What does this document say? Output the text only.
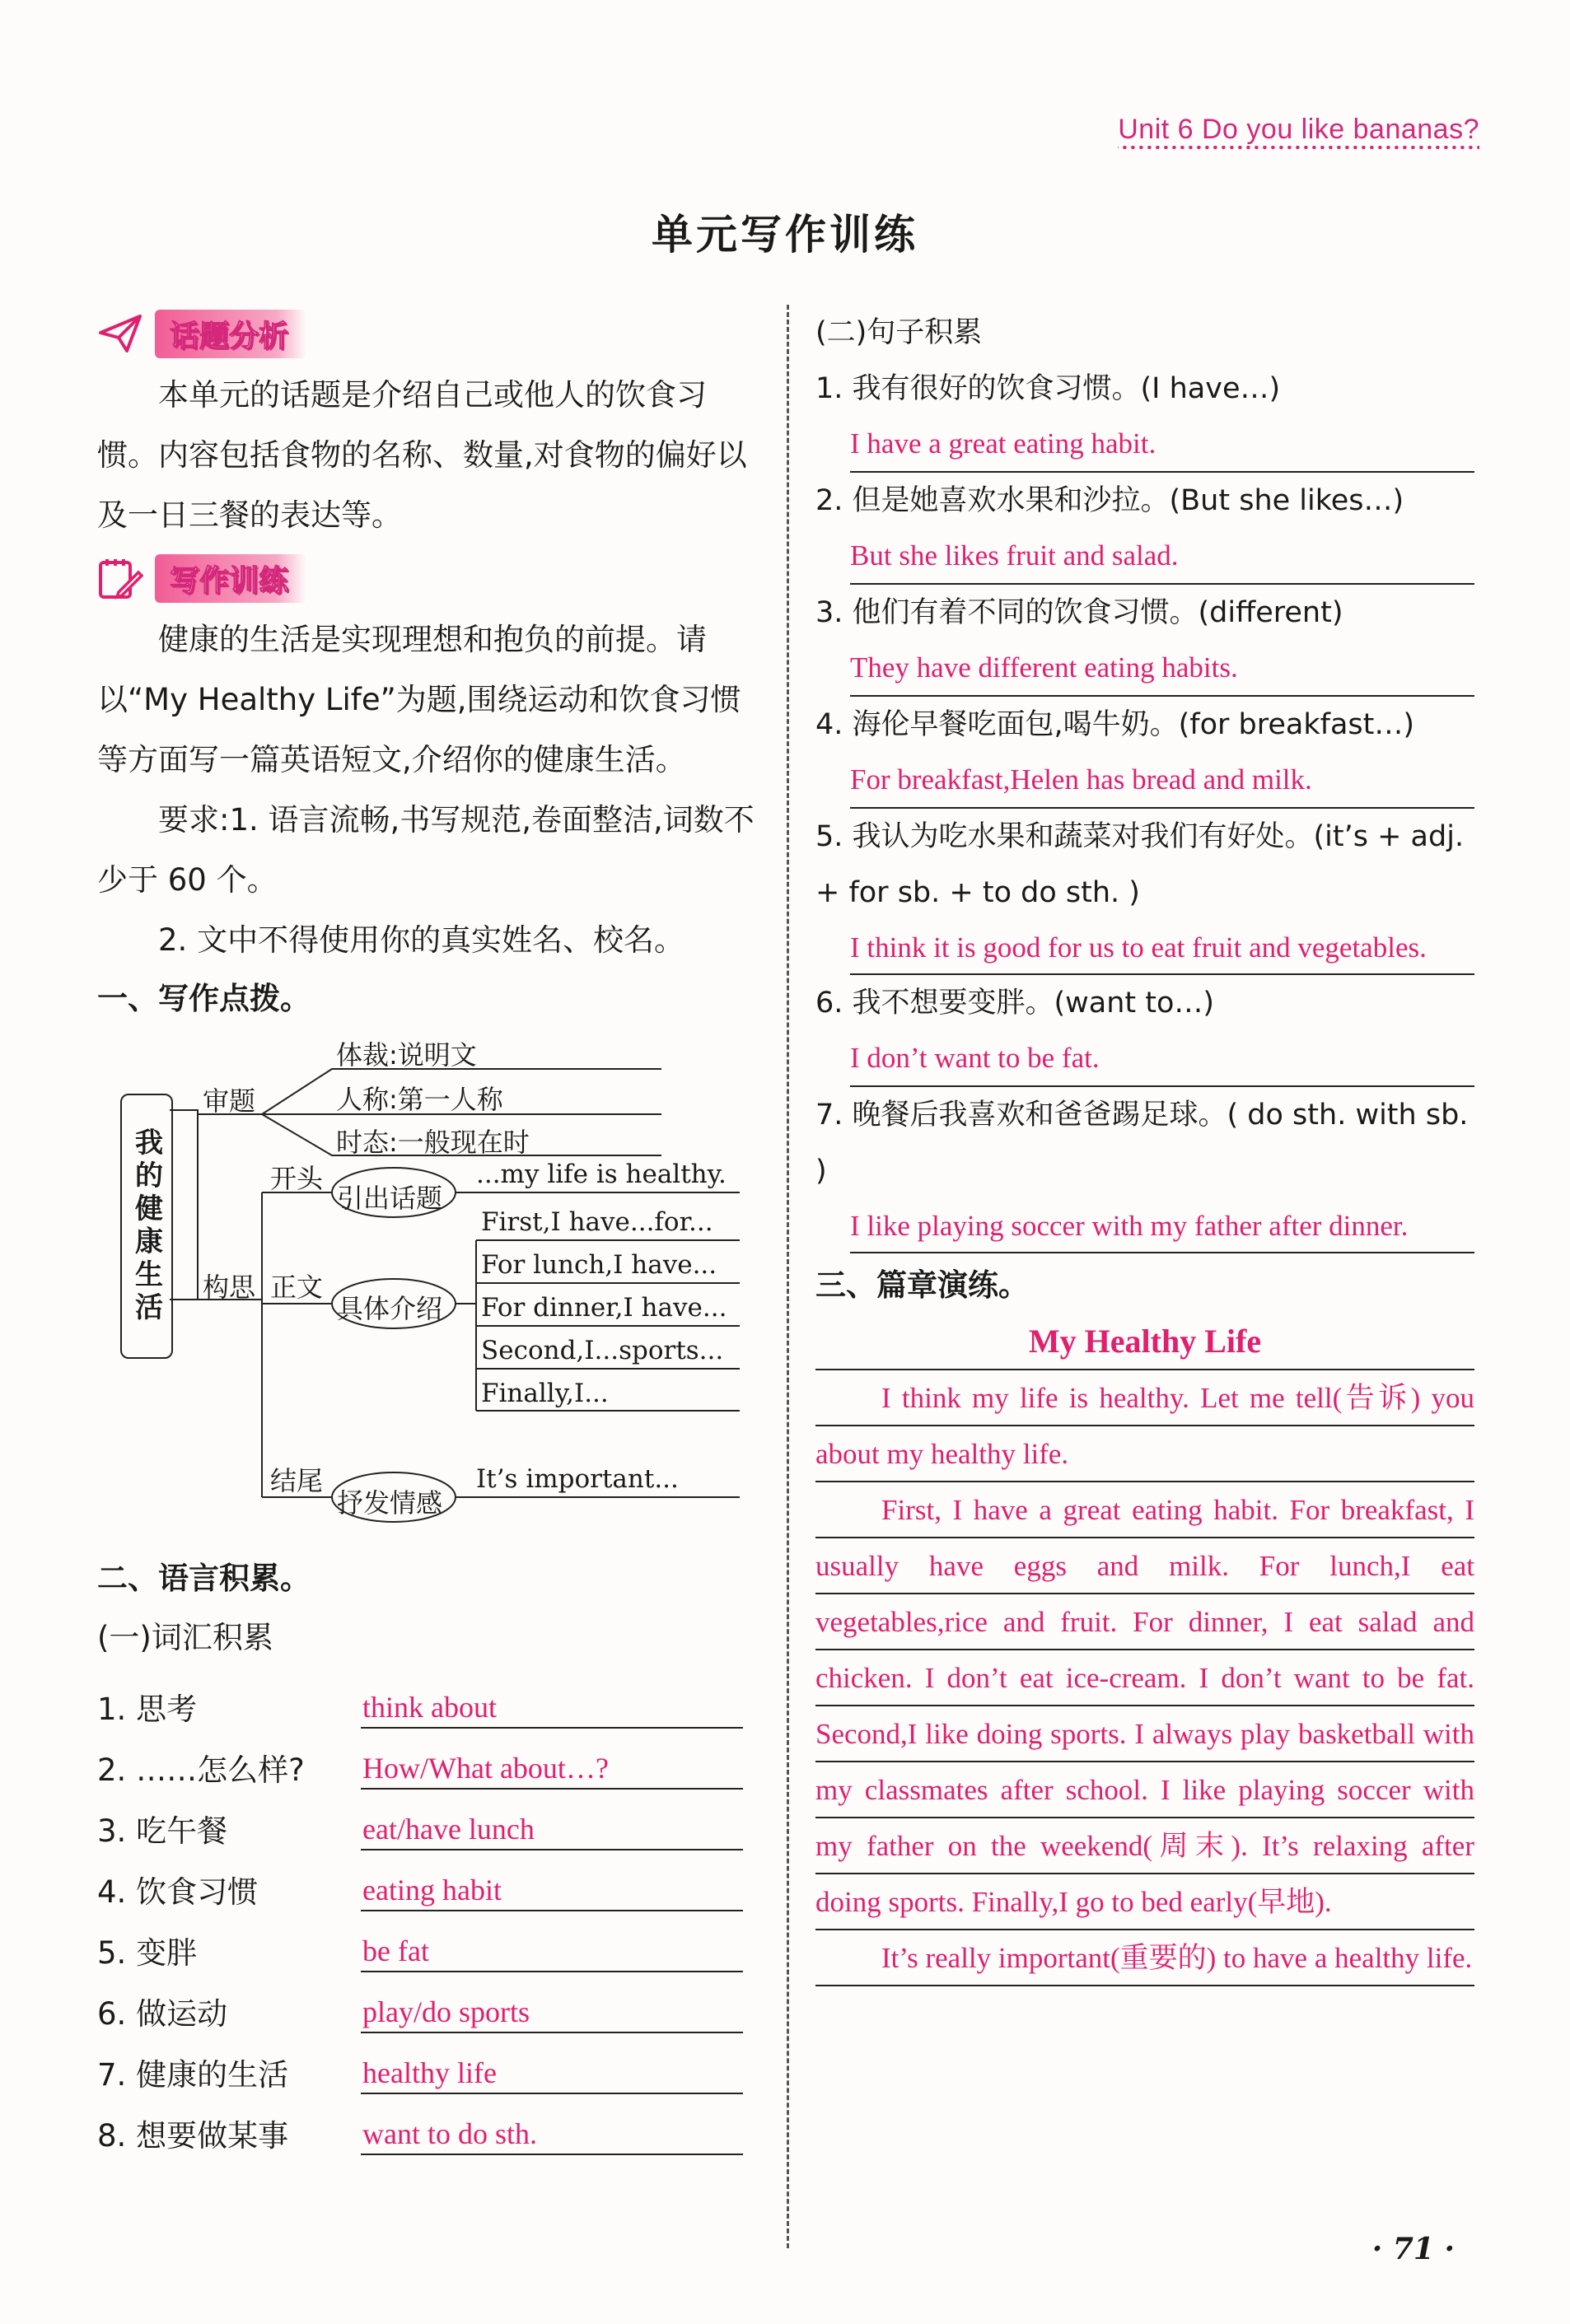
Unit 6 Do you like bananas?
单元写作训练
话题分析

本单元的话题是介绍自己或他人的饮食习惯。内容包括食物的名称、数量,对食物的偏好以及一日三餐的表达等。

写作训练

健康的生活是实现理想和抱负的前提。请以“My Healthy Life”为题,围绕运动和饮食习惯等方面写一篇英语短文,介绍你的健康生活。

要求:1. 语言流畅,书写规范,卷面整洁,词数不少于 60 个。

2. 文中不得使用你的真实姓名、校名。

一、写作点拨。

我的健康生活
审题
体裁:说明文
人称:第一人称
时态:一般现在时
构思
开头
引出话题
...my life is healthy.
正文
具体介绍
First,I have...for...
For lunch,I have...
For dinner,I have...
Second,I...sports...
Finally,I...
结尾
抒发情感
It’s important...

二、语言积累。

(一)词汇积累

1. 思考	think about
2. ……怎么样?	How/What about…?
3. 吃午餐	eat/have lunch
4. 饮食习惯	eating habit
5. 变胖	be fat
6. 做运动	play/do sports
7. 健康的生活	healthy life
8. 想要做某事	want to do sth.

(二)句子积累

1. 我有很好的饮食习惯。(I have…)

I have a great eating habit.

2. 但是她喜欢水果和沙拉。(But she likes…)

But she likes fruit and salad.

3. 他们有着不同的饮食习惯。(different)

They have different eating habits.

4. 海伦早餐吃面包,喝牛奶。(for breakfast…)

For breakfast,Helen has bread and milk.

5. 我认为吃水果和蔬菜对我们有好处。(it’s + adj. + for sb. + to do sth. )

I think it is good for us to eat fruit and vegetables.

6. 我不想要变胖。(want to…)

I don’t want to be fat.

7. 晚餐后我喜欢和爸爸踢足球。( do sth. with sb. )

I like playing soccer with my father after dinner.

三、篇章演练。

My Healthy Life

I think my life is healthy. Let me tell(告诉) you about my healthy life.

First, I have a great eating habit. For breakfast, I usually have eggs and milk. For lunch,I eat vegetables,rice and fruit. For dinner, I eat salad and chicken. I don’t eat ice-cream. I don’t want to be fat. Second,I like doing sports. I always play basketball with my classmates after school. I like playing soccer with my father on the weekend(周末). It’s relaxing after doing sports. Finally,I go to bed early(早地).

It’s really important(重要的) to have a healthy life.

· 71 ·
